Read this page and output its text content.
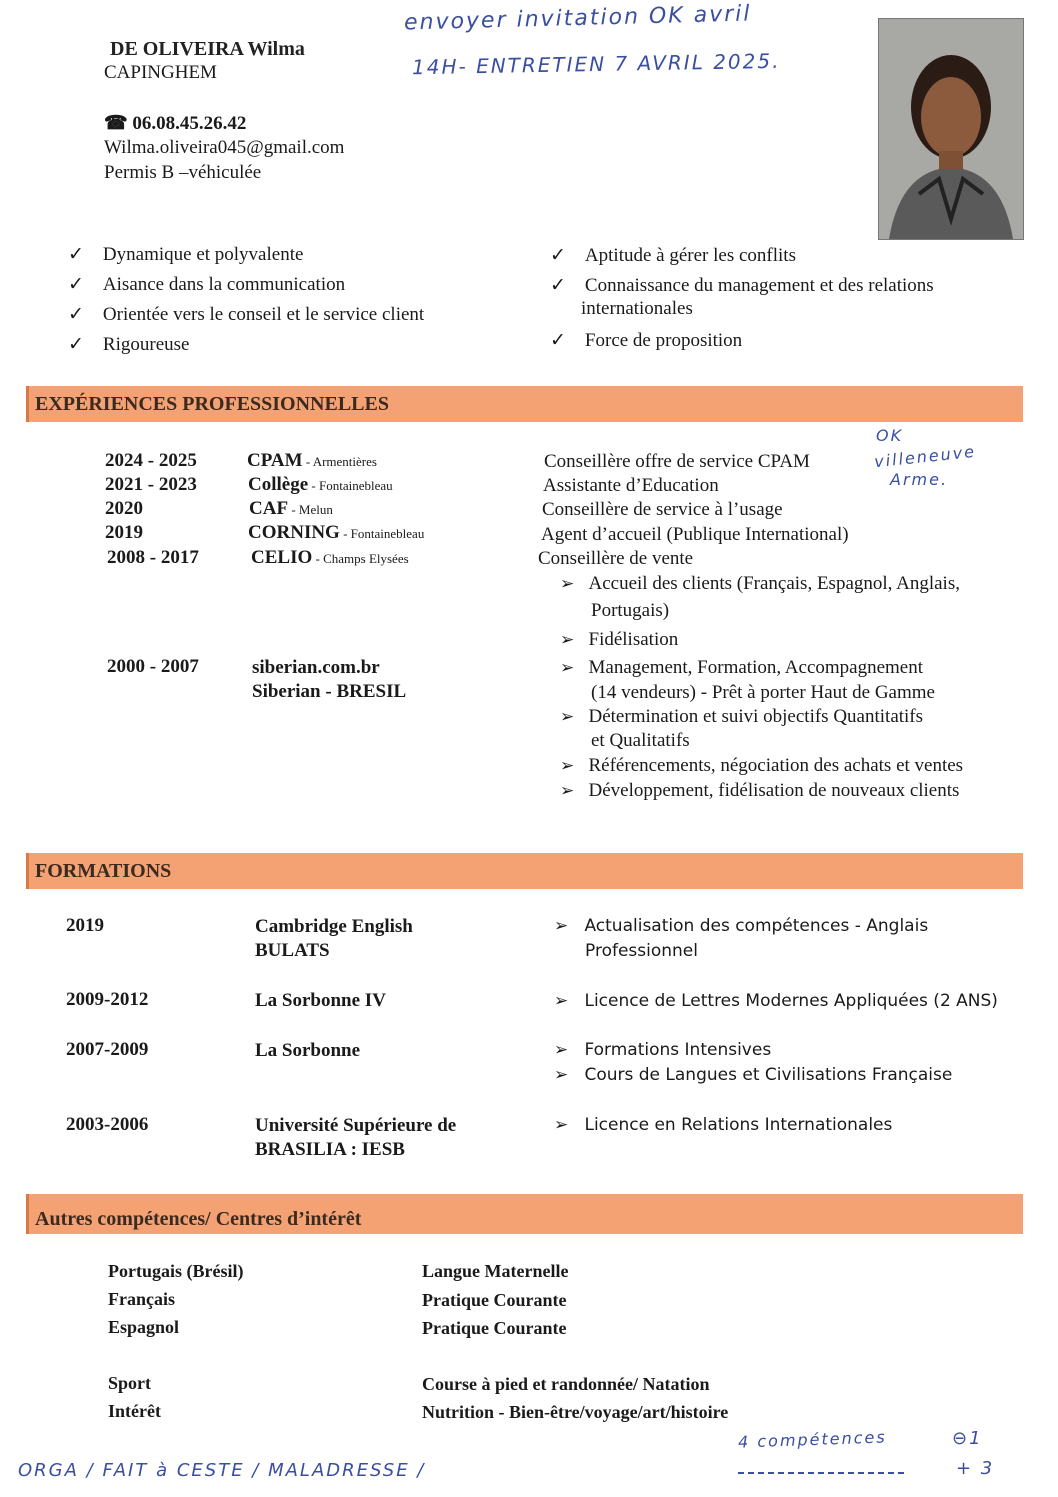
envoyer invitation OK avril
14H- ENTRETIEN 7 AVRIL 2025.
OK
villeneuve
Arme.
DE OLIVEIRA Wilma
CAPINGHEM
☎ 06.08.45.26.42
Wilma.oliveira045@gmail.com
Permis B –véhiculée
✓ Dynamique et polyvalente
✓ Aisance dans la communication
✓ Orientée vers le conseil et le service client
✓ Rigoureuse
✓ Aptitude à gérer les conflits
✓ Connaissance du management et des relations
internationales
✓ Force de proposition
EXPÉRIENCES PROFESSIONNELLES
2024 - 2025	CPAM - Armentières	Conseillère offre de service CPAM
2021 - 2023	Collège - Fontainebleau	Assistante d’Education
2020	CAF - Melun	Conseillère de service à l’usage
2019	CORNING - Fontainebleau	Agent d’accueil (Publique International)
2008 - 2017	CELIO - Champs Elysées	Conseillère de vente
➢ Accueil des clients (Français, Espagnol, Anglais,
Portugais)
➢ Fidélisation
2000 - 2007	siberian.com.br
Siberian - BRESIL
➢ Management, Formation, Accompagnement
(14 vendeurs) - Prêt à porter Haut de Gamme
➢ Détermination et suivi objectifs Quantitatifs
et Qualitatifs
➢ Référencements, négociation des achats et ventes
➢ Développement, fidélisation de nouveaux clients
FORMATIONS
2019	Cambridge English
BULATS
➢ Actualisation des compétences - Anglais
Professionnel
2009-2012	La Sorbonne IV	➢ Licence de Lettres Modernes Appliquées (2 ANS)
2007-2009	La Sorbonne	➢ Formations Intensives
➢ Cours de Langues et Civilisations Française
2003-2006	Université Supérieure de
BRASILIA : IESB
➢ Licence en Relations Internationales
Autres compétences/ Centres d’intérêt
Portugais (Brésil)	Langue Maternelle
Français	Pratique Courante
Espagnol	Pratique Courante
Sport	Course à pied et randonnée/ Natation
Intérêt	Nutrition - Bien-être/voyage/art/histoire
ORGA / FAIT à CESTE / MALADRESSE /
4 compétences	⊖1
+ 3
